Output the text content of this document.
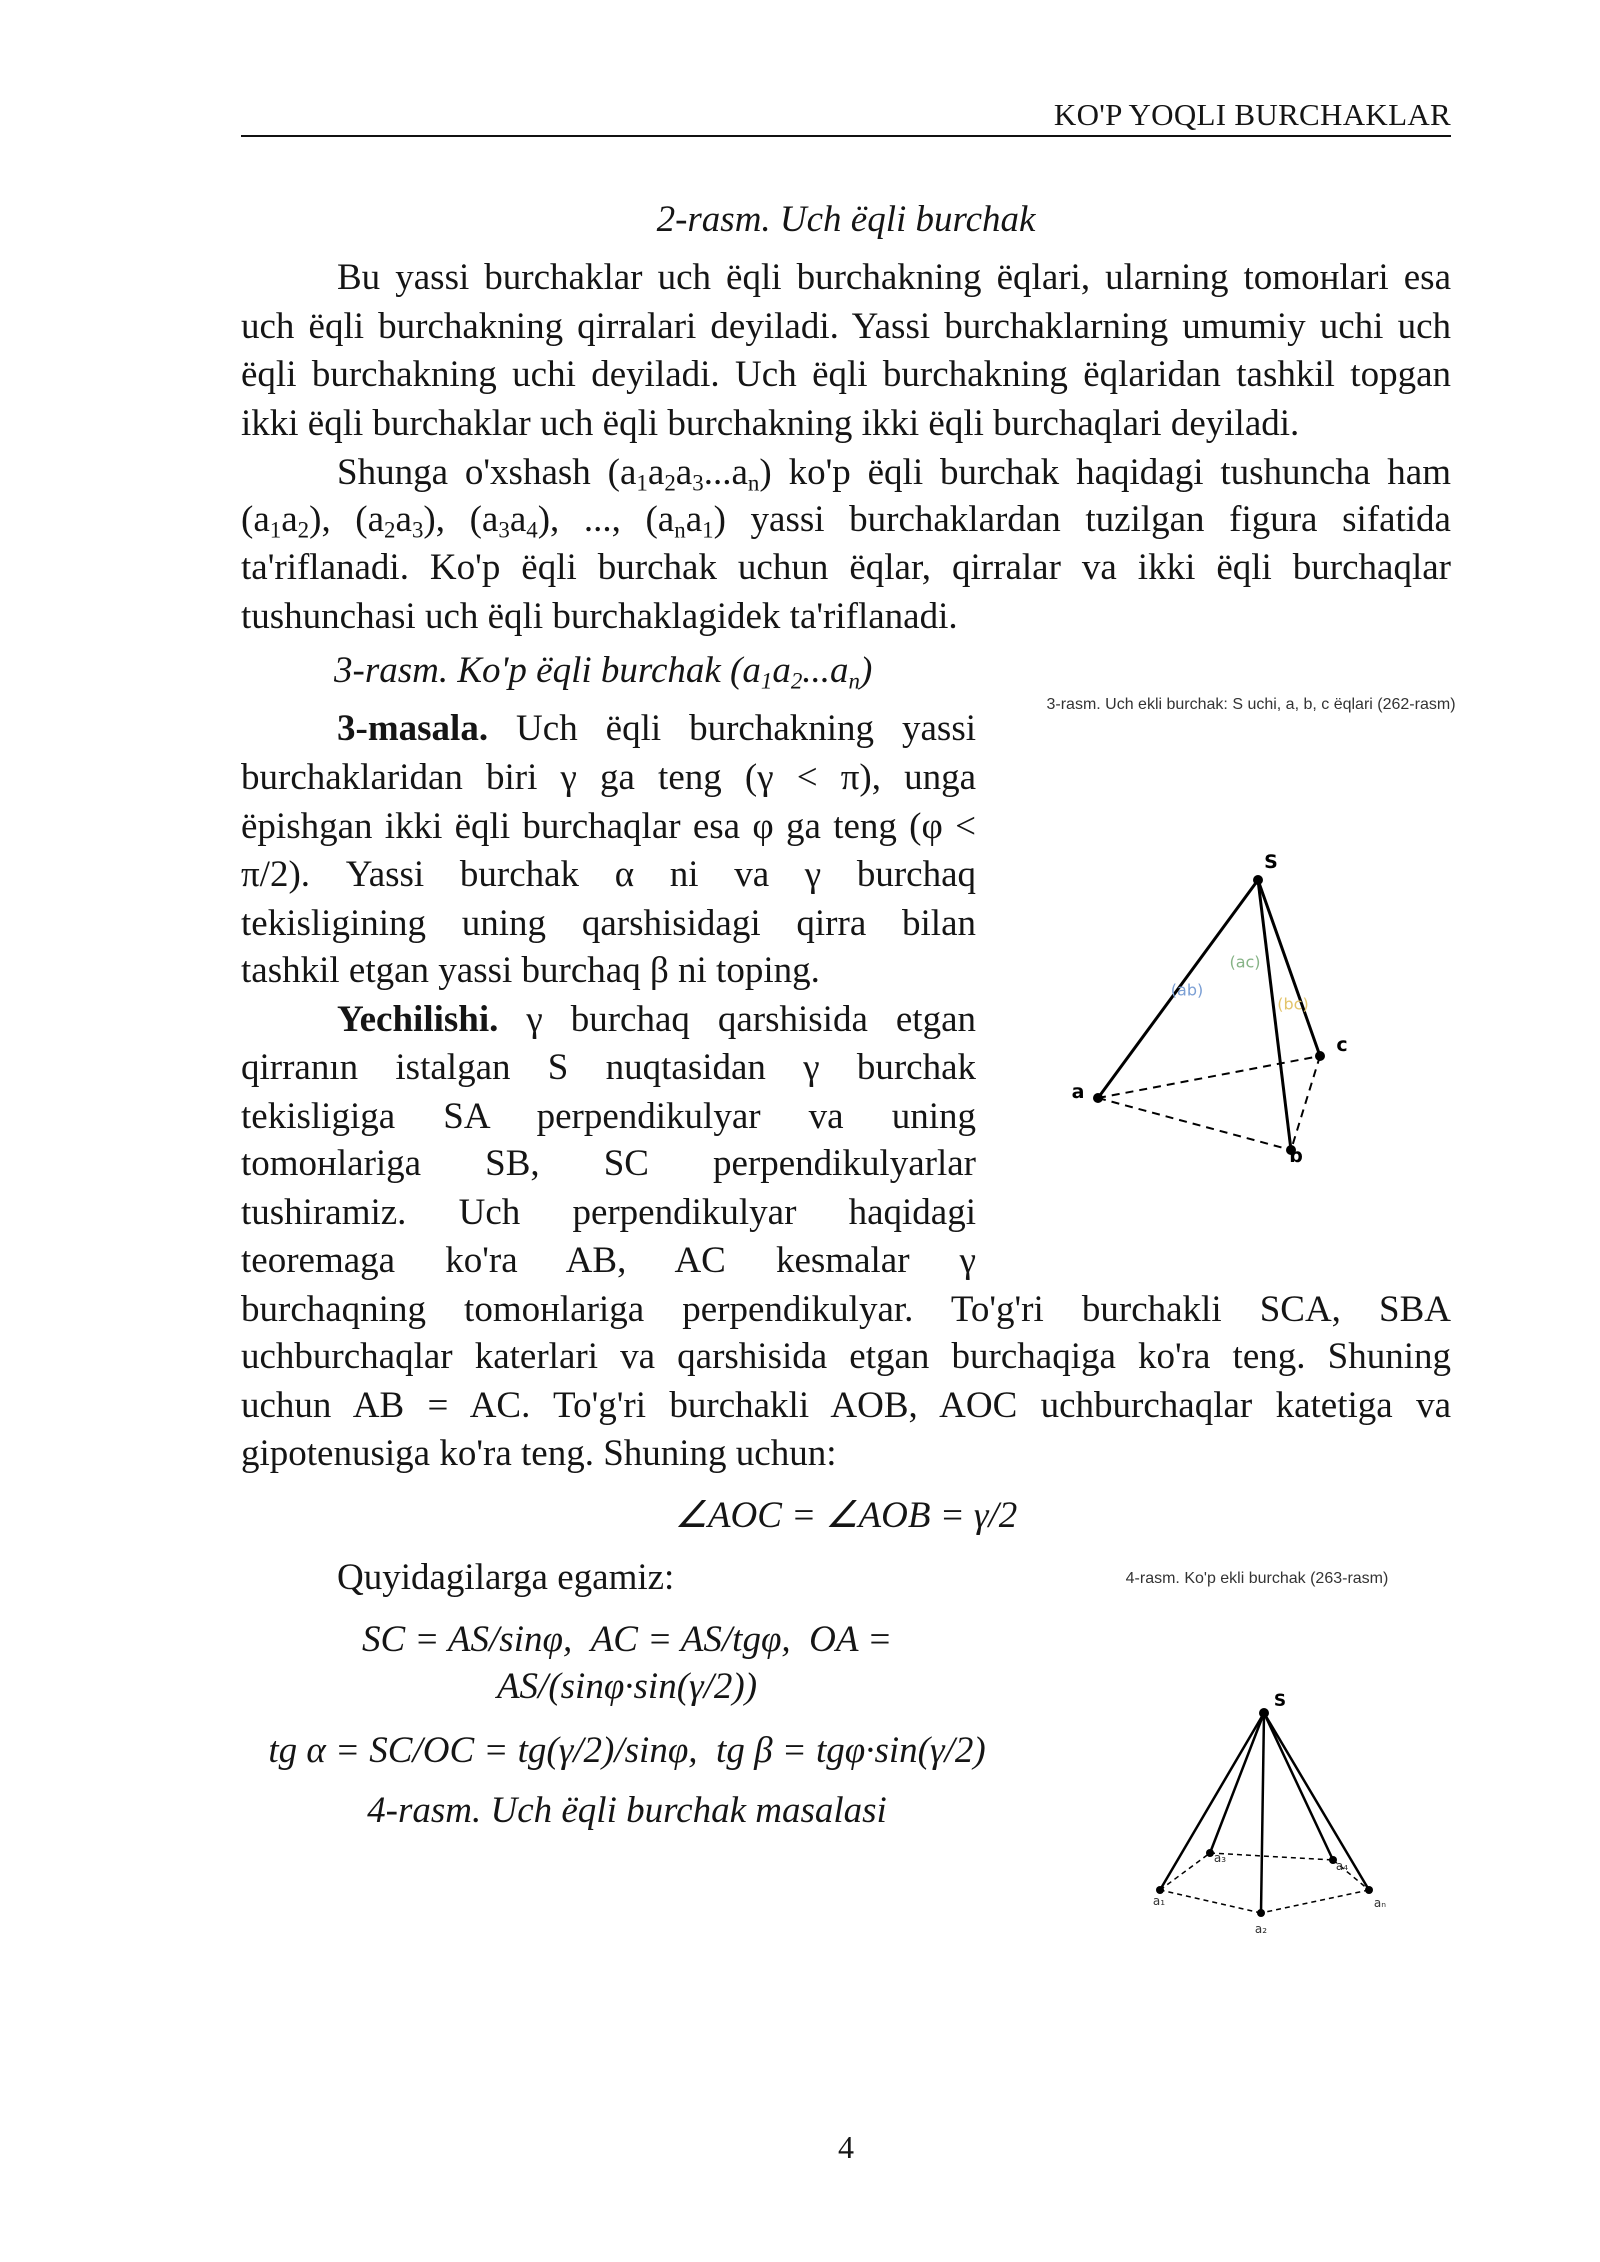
KO'P YOQLI BURCHAKLAR
2-rasm. Uch ëqli burchak
Bu yassi burchaklar uch ëqli burchakning ëqlari, ularning tomoнlari esa
uch ëqli burchakning qirralari deyiladi. Yassi burchaklarning umumiy uchi uch
ëqli burchakning uchi deyiladi. Uch ëqli burchakning ëqlaridan tashkil topgan
ikki ëqli burchaklar uch ëqli burchakning ikki ëqli burchaqlari deyiladi.
Shunga o'xshash $(a_1a_2a_3...a_n)$ ko'p ëqli burchak haqidagi tushuncha ham
$(a_1a_2)$, $(a_2a_3)$, $(a_3a_4)$, ..., $(a_na_1)$ yassi burchaklardan tuzilgan figura sifatida
ta'riflanadi. Ko'p ëqli burchak uchun ëqlar, qirralar va ikki ëqli burchaqlar
tushunchasi uch ëqli burchaklagidek ta'riflanadi.
3-rasm. Ko'p ëqli burchak $(a_1a_2...a_n)$
3-masala. Uch ëqli burchakning yassi
burchaklaridan biri γ ga teng (γ < π), unga
ëpishgan ikki ëqli burchaqlar esa φ ga teng (φ <
π/2). Yassi burchak α ni va γ burchaq
tekisligining uning qarshisidagi qirra bilan
tashkil etgan yassi burchaq β ni toping.
Yechilishi. γ burchaq qarshisida etgan
qirranın istalgan S nuqtasidan γ burchak
tekisligiga SA perpendikulyar va uning
tomoнlariga SB, SC perpendikulyarlar
tushiramiz. Uch perpendikulyar haqidagi
teoremaga ko'ra AB, AC kesmalar γ
burchaqning tomoнlariga perpendikulyar. To'g'ri burchakli SCA, SBA
uchburchaqlar katerlari va qarshisida etgan burchaqiga ko'ra teng. Shuning
uchun AB = AC. To'g'ri burchakli AOB, AOC uchburchaqlar katetiga va
gipotenusiga ko'ra teng. Shuning uchun:
∠AOC = ∠AOB = γ/2
Quyidagilarga egamiz:
SC = AS/sinφ,  AC = AS/tgφ,  OA =
AS/(sinφ·sin(γ/2))
tg α = SC/OC = tg(γ/2)/sinφ,  tg β = tgφ·sin(γ/2)
4-rasm. Uch ëqli burchak masalasi
3-rasm. Uch ekli burchak: S uchi, a, b, c ëqlari (262-rasm)
S
a
b
c
(ab)
(ac)
(bc)
4-rasm. Ko'p ekli burchak (263-rasm)
S
a₁
a₃
a₄
aₙ
a₂
4
